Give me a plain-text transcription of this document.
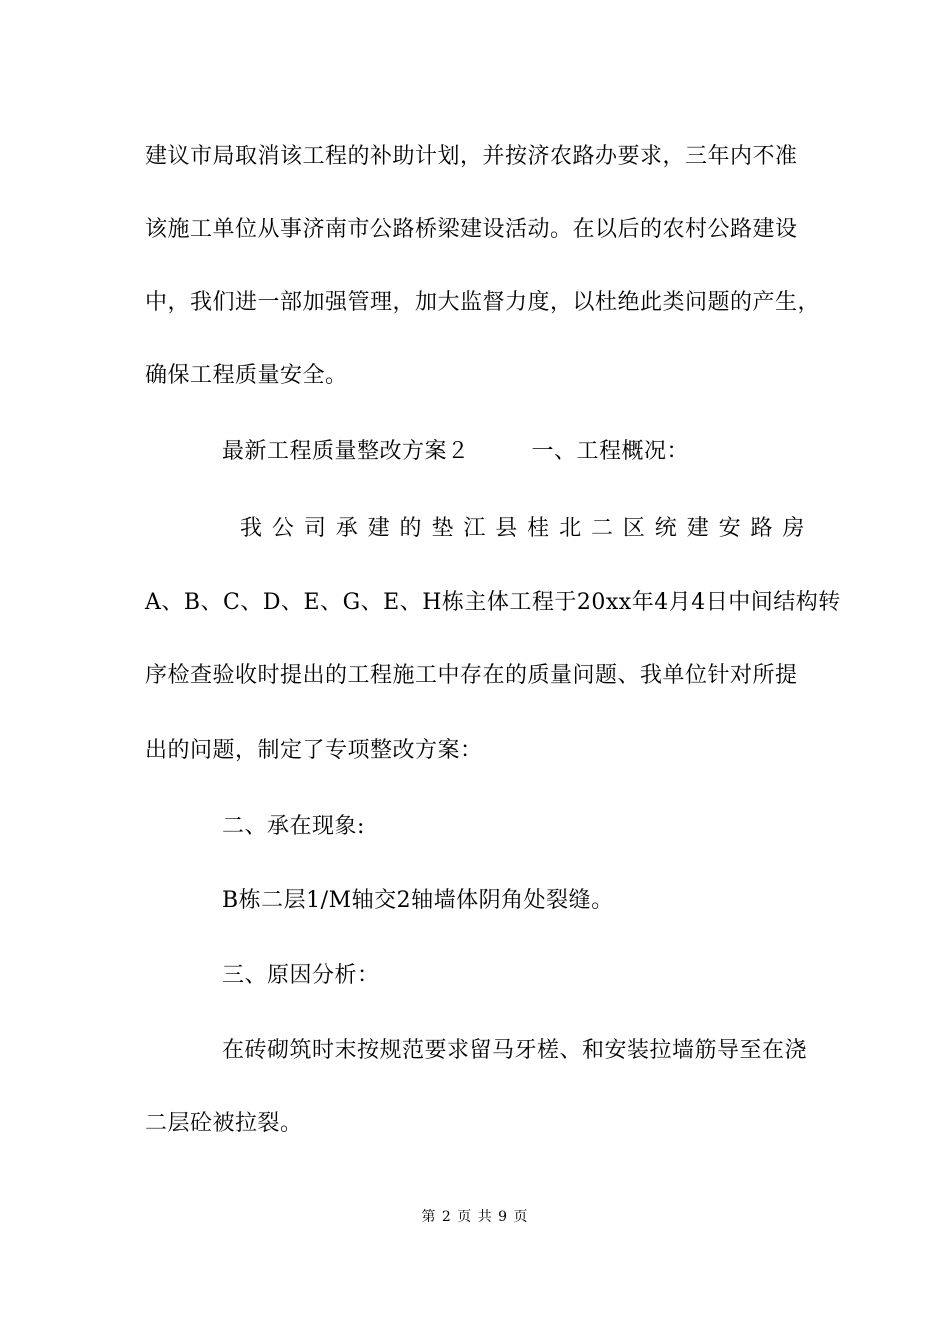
建议市局取消该工程的补助计划，并按济农路办要求，三年内不准
该施工单位从事济南市公路桥梁建设活动。在以后的农村公路建设
中，我们进一部加强管理，加大监督力度，以杜绝此类问题的产生，
确保工程质量安全。
最新工程质量整改方案２	一、工程概况：
我 公 司 承 建 的 垫 江 县 桂 北 二 区 统 建 安 路 房
A、B、C、D、E、G、E、H栋主体工程于20xx年4月4日中间结构转
序检查验收时提出的工程施工中存在的质量问题、我单位针对所提
出的问题，制定了专项整改方案：
二、承在现象:
B栋二层1/M轴交2轴墙体阴角处裂缝。
三、原因分析：
在砖砌筑时末按规范要求留马牙槎、和安装拉墙筋导至在浇
二层砼被拉裂。
第 2 页 共 9 页
